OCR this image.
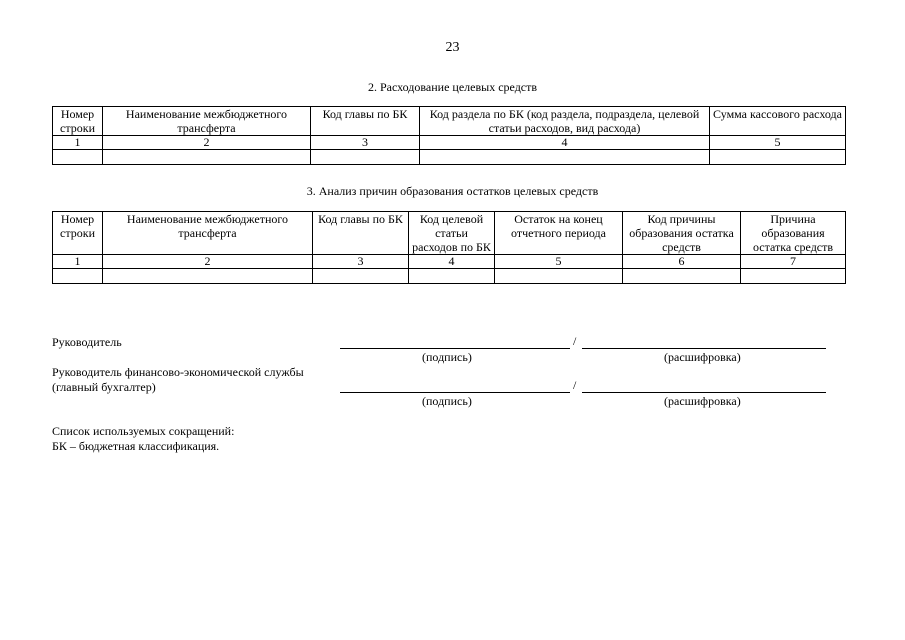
23
2. Расходование целевых средств
Номер строки	Наименование межбюджетного трансферта	Код главы по БК	Код раздела по БК (код раздела, подраздела, целевой статьи расходов, вид расхода)	Сумма кассового расхода
1	2	3	4	5

3. Анализ причин образования остатков целевых средств
Номер строки	Наименование межбюджетного трансферта	Код главы по БК	Код целевой статьи расходов по БК	Остаток на конец отчетного периода	Код причины образования остатка средств	Причина образования остатка средств
1	2	3	4	5	6	7

Руководитель	/
(подпись)	(расшифровка)
Руководитель финансово-экономической службы
(главный бухгалтер)	/
(подпись)	(расшифровка)
Список используемых сокращений:
БК – бюджетная классификация.
